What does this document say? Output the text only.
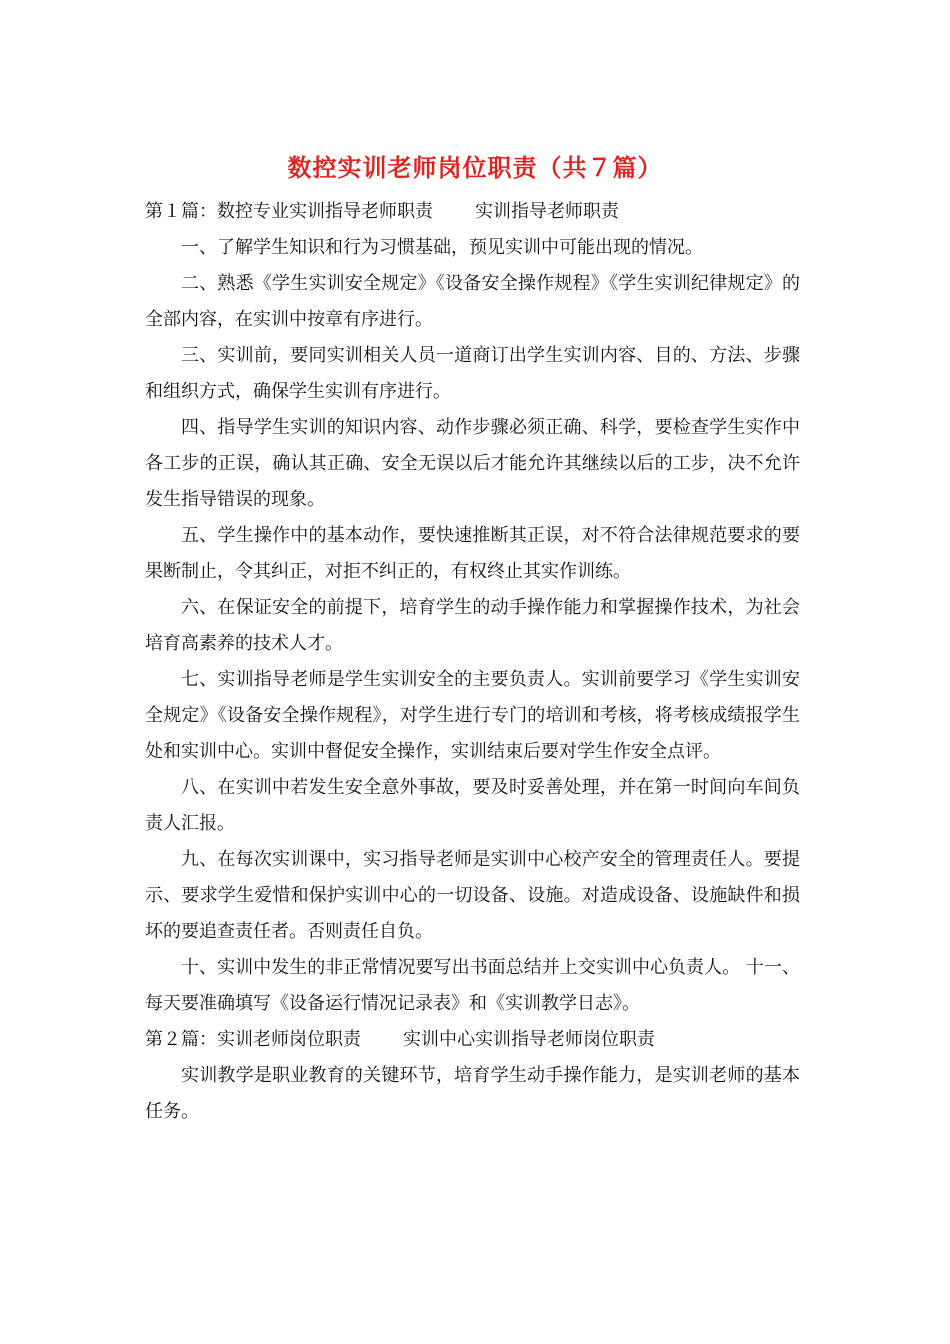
数控实训老师岗位职责（共７篇）
第１篇：数控专业实训指导老师职责 实训指导老师职责

一、了解学生知识和行为习惯基础，预见实训中可能出现的情况。

二、熟悉《学生实训安全规定》《设备安全操作规程》《学生实训纪律规定》的全部内容，在实训中按章有序进行。

三、实训前，要同实训相关人员一道商订出学生实训内容、目的、方法、步骤和组织方式，确保学生实训有序进行。

四、指导学生实训的知识内容、动作步骤必须正确、科学，要检查学生实作中各工步的正误，确认其正确、安全无误以后才能允许其继续以后的工步，决不允许发生指导错误的现象。

五、学生操作中的基本动作，要快速推断其正误，对不符合法律规范要求的要果断制止，令其纠正，对拒不纠正的，有权终止其实作训练。

六、在保证安全的前提下，培育学生的动手操作能力和掌握操作技术，为社会培育高素养的技术人才。

七、实训指导老师是学生实训安全的主要负责人。实训前要学习《学生实训安全规定》《设备安全操作规程》，对学生进行专门的培训和考核，将考核成绩报学生处和实训中心。实训中督促安全操作，实训结束后要对学生作安全点评。

八、在实训中若发生安全意外事故，要及时妥善处理，并在第一时间向车间负责人汇报。

九、在每次实训课中，实习指导老师是实训中心校产安全的管理责任人。要提示、要求学生爱惜和保护实训中心的一切设备、设施。对造成设备、设施缺件和损坏的要追查责任者。否则责任自负。

十、实训中发生的非正常情况要写出书面总结并上交实训中心负责人。 十一、每天要准确填写《设备运行情况记录表》和《实训教学日志》。

第２篇：实训老师岗位职责 实训中心实训指导老师岗位职责

实训教学是职业教育的关键环节，培育学生动手操作能力，是实训老师的基本任务。
